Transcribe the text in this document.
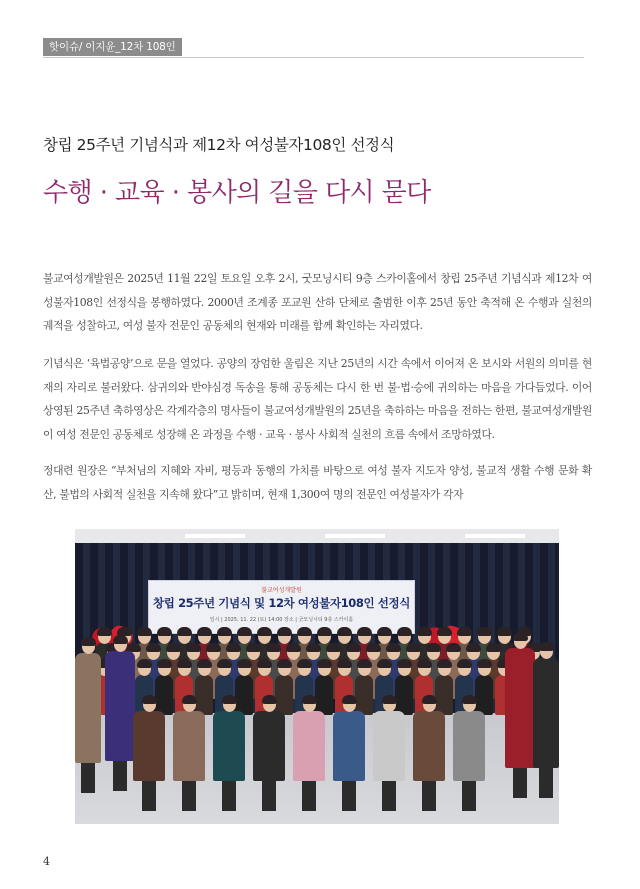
핫이슈/ 이지윤_12차 108인
창립 25주년 기념식과 제12차 여성불자108인 선정식
수행 · 교육 · 봉사의 길을 다시 묻다

불교여성개발원은 2025년 11월 22일 토요일 오후 2시, 굿모닝시티 9층 스카이홀에서 창립 25주년 기념식과 제12차 여성불자108인 선정식을 봉행하였다. 2000년 조계종 포교원 산하 단체로 출범한 이후 25년 동안 축적해 온 수행과 실천의 궤적을 성찰하고, 여성 불자 전문인 공동체의 현재와 미래를 함께 확인하는 자리였다.

기념식은 ‘육법공양’으로 문을 열었다. 공양의 장엄한 울림은 지난 25년의 시간 속에서 이어져 온 보시와 서원의 의미를 현재의 자리로 불러왔다. 삼귀의와 반야심경 독송을 통해 공동체는 다시 한 번 불·법·승에 귀의하는 마음을 가다듬었다. 이어 상영된 25주년 축하영상은 각계각층의 명사들이 불교여성개발원의 25년을 축하하는 마음을 전하는 한편, 불교여성개발원이 여성 전문인 공동체로 성장해 온 과정을 수행 · 교육 · 봉사 사회적 실천의 흐름 속에서 조망하였다.

정대련 원장은 “부처님의 지혜와 자비, 평등과 동행의 가치를 바탕으로 여성 불자 지도자 양성, 불교적 생활 수행 문화 확산, 불법의 사회적 실천을 지속해 왔다”고 밝히며, 현재 1,300여 명의 전문인 여성불자가 각자

불교여성개발원
창립 25주년 기념식 및 12차 여성불자108인 선정식
일시 | 2025. 11. 22 (토) 14:00 장소 | 굿모닝시티 9층 스카이홀
4
